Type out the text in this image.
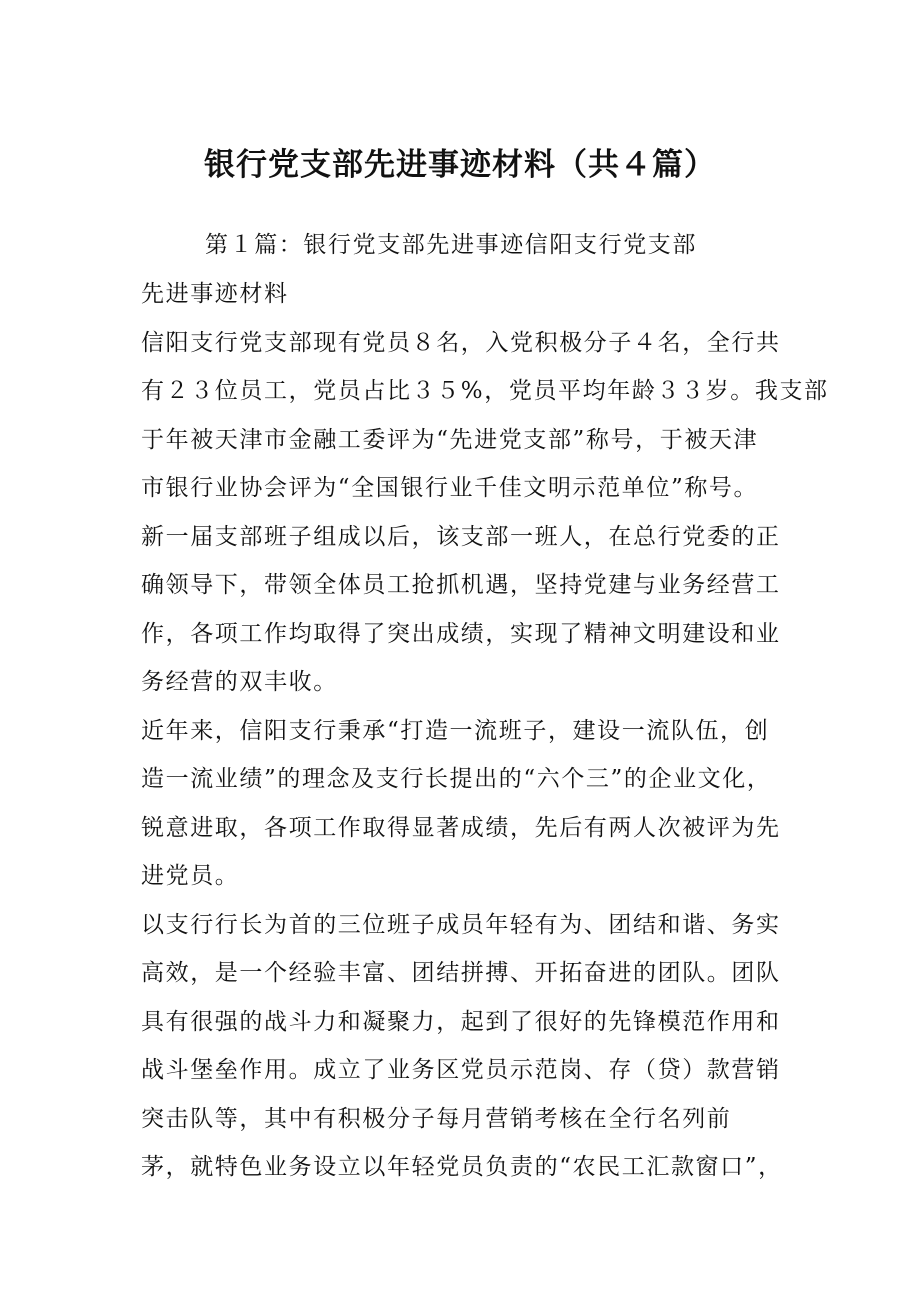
银行党支部先进事迹材料（共４篇）
第１篇：银行党支部先进事迹信阳支行党支部
先进事迹材料
信阳支行党支部现有党员８名，入党积极分子４名，全行共
有２３位员工，党员占比３５%，党员平均年龄３３岁。我支部
于年被天津市金融工委评为“先进党支部”称号，于被天津
市银行业协会评为“全国银行业千佳文明示范单位”称号。
新一届支部班子组成以后，该支部一班人，在总行党委的正
确领导下，带领全体员工抢抓机遇，坚持党建与业务经营工
作，各项工作均取得了突出成绩，实现了精神文明建设和业
务经营的双丰收。
近年来，信阳支行秉承“打造一流班子，建设一流队伍，创
造一流业绩”的理念及支行长提出的“六个三”的企业文化，
锐意进取，各项工作取得显著成绩，先后有两人次被评为先
进党员。
以支行行长为首的三位班子成员年轻有为、团结和谐、务实
高效，是一个经验丰富、团结拼搏、开拓奋进的团队。团队
具有很强的战斗力和凝聚力，起到了很好的先锋模范作用和
战斗堡垒作用。成立了业务区党员示范岗、存（贷）款营销
突击队等，其中有积极分子每月营销考核在全行名列前
茅，就特色业务设立以年轻党员负责的“农民工汇款窗口”，
